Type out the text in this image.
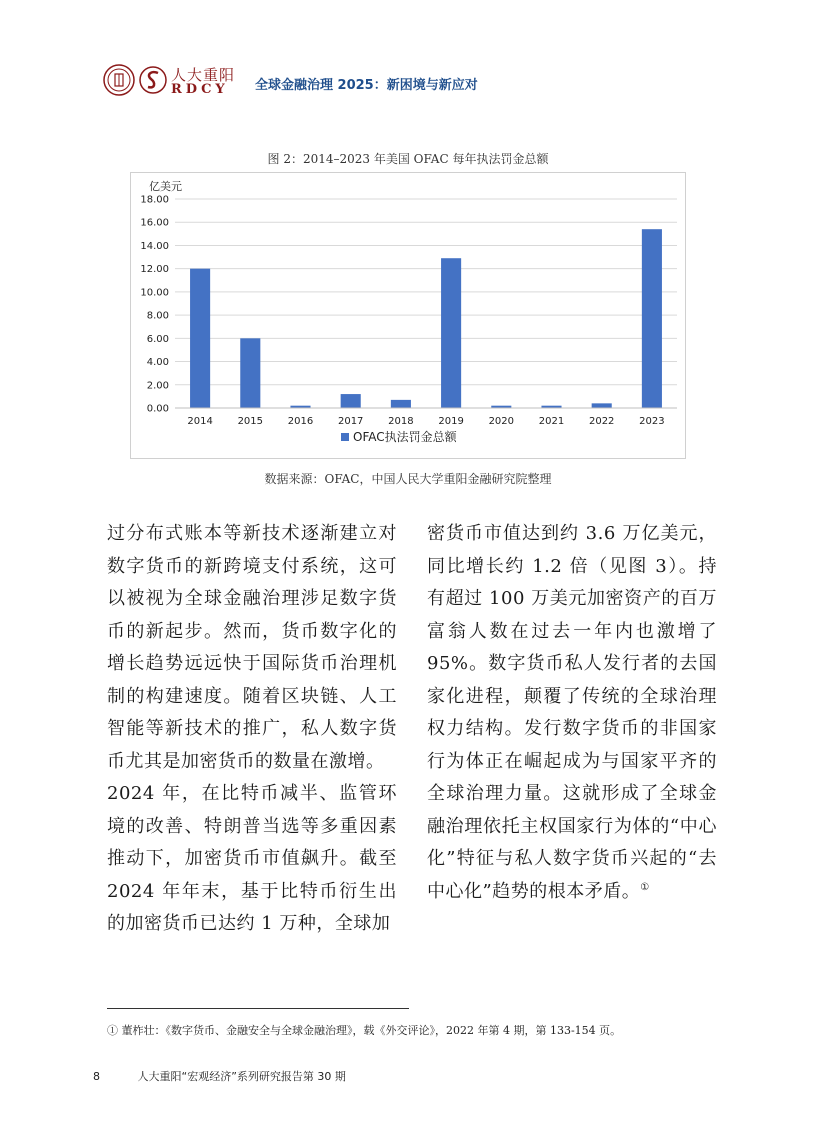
人大重阳
RDCY 全球金融治理 2025：新困境与新应对
图 2：2014–2023 年美国 OFAC 每年执法罚金总额
亿美元
0.00
2.00
4.00
6.00
8.00
10.00
12.00
14.00
16.00
18.00
2014 2015 2016 2017 2018 2019 2020 2021 2022 2023
OFAC执法罚金总额
数据来源：OFAC，中国人民大学重阳金融研究院整理

过分布式账本等新技术逐渐建立对数字货币的新跨境支付系统，这可以被视为全球金融治理涉足数字货币的新起步。然而，货币数字化的增长趋势远远快于国际货币治理机制的构建速度。随着区块链、人工智能等新技术的推广，私人数字货币尤其是加密货币的数量在激增。

2024 年，在比特币减半、监管环境的改善、特朗普当选等多重因素推动下，加密货币市值飙升。截至 2024 年年末，基于比特币衍生出的加密货币已达约 1 万种，全球加

密货币市值达到约 3.6 万亿美元，同比增长约 1.2 倍（见图 3）。持有超过 100 万美元加密资产的百万富翁人数在过去一年内也激增了 95%。数字货币私人发行者的去国家化进程，颠覆了传统的全球治理权力结构。发行数字货币的非国家行为体正在崛起成为与国家平齐的全球治理力量。这就形成了全球金融治理依托主权国家行为体的“中心化”特征与私人数字货币兴起的“去中心化”趋势的根本矛盾。①

① 董柞壮：《数字货币、金融安全与全球金融治理》，载《外交评论》，2022 年第 4 期，第 133-154 页。
8	人大重阳“宏观经济”系列研究报告第 30 期
